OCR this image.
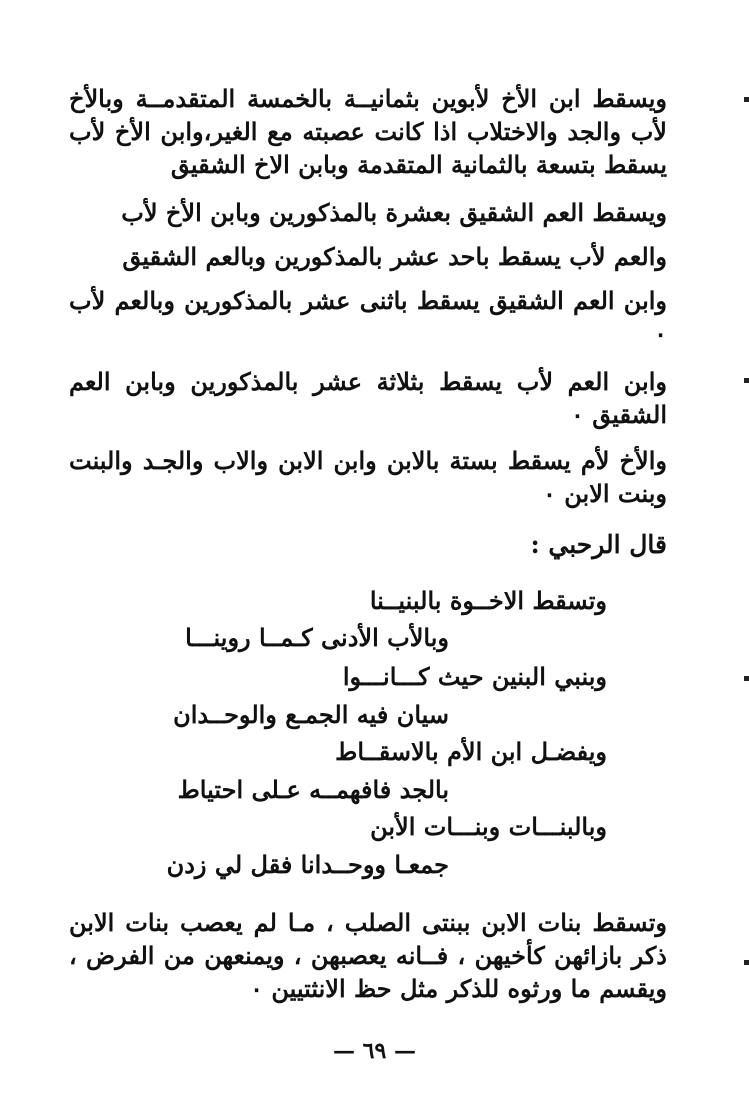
ويسقط ابن الأخ لأبوين بثمانيــة بالخمسة المتقدمــة وبالأخ لأب والجد والاختلاب اذا كانت عصبته مع الغير،وابن الأخ لأب يسقط بتسعة بالثمانية المتقدمة وبابن الاخ الشقيق

ويسقط العم الشقيق بعشرة بالمذكورين وبابن الأخ لأب

والعم لأب يسقط باحد عشر بالمذكورين وبالعم الشقيق

وابن العم الشقيق يسقط باثنى عشر بالمذكورين وبالعم لأب ٠

وابن العم لأب يسقط بثلاثة عشر بالمذكورين وبابن العم الشقيق ٠

والأخ لأم يسقط بستة بالابن وابن الابن والاب والجـد والبنت وبنت الابن ٠

قال الرحبي :

وتسقط الاخــوة بالبنيــنا

وبالأب الأدنى كـمــا روينـــا

وبنبي البنين حيث كـــانـــوا

سيان فيه الجمـع والوحــدان

ويفضـل ابن الأم بالاسقــاط

بالجد فافهمــه عـلى احتياط

وبالبنـــات وبنـــات الأبن

جمعـا ووحــدانا فقل لي زدن

وتسقط بنات الابن ببنتى الصلب ، مـا لم يعصب بنات الابن ذكر بازائهن كأخيهن ، فــانه يعصبهن ، ويمنعهن من الفرض ، ويقسم ما ورثوه للذكر مثل حظ الانثتيين ٠

— ٦٩ —
